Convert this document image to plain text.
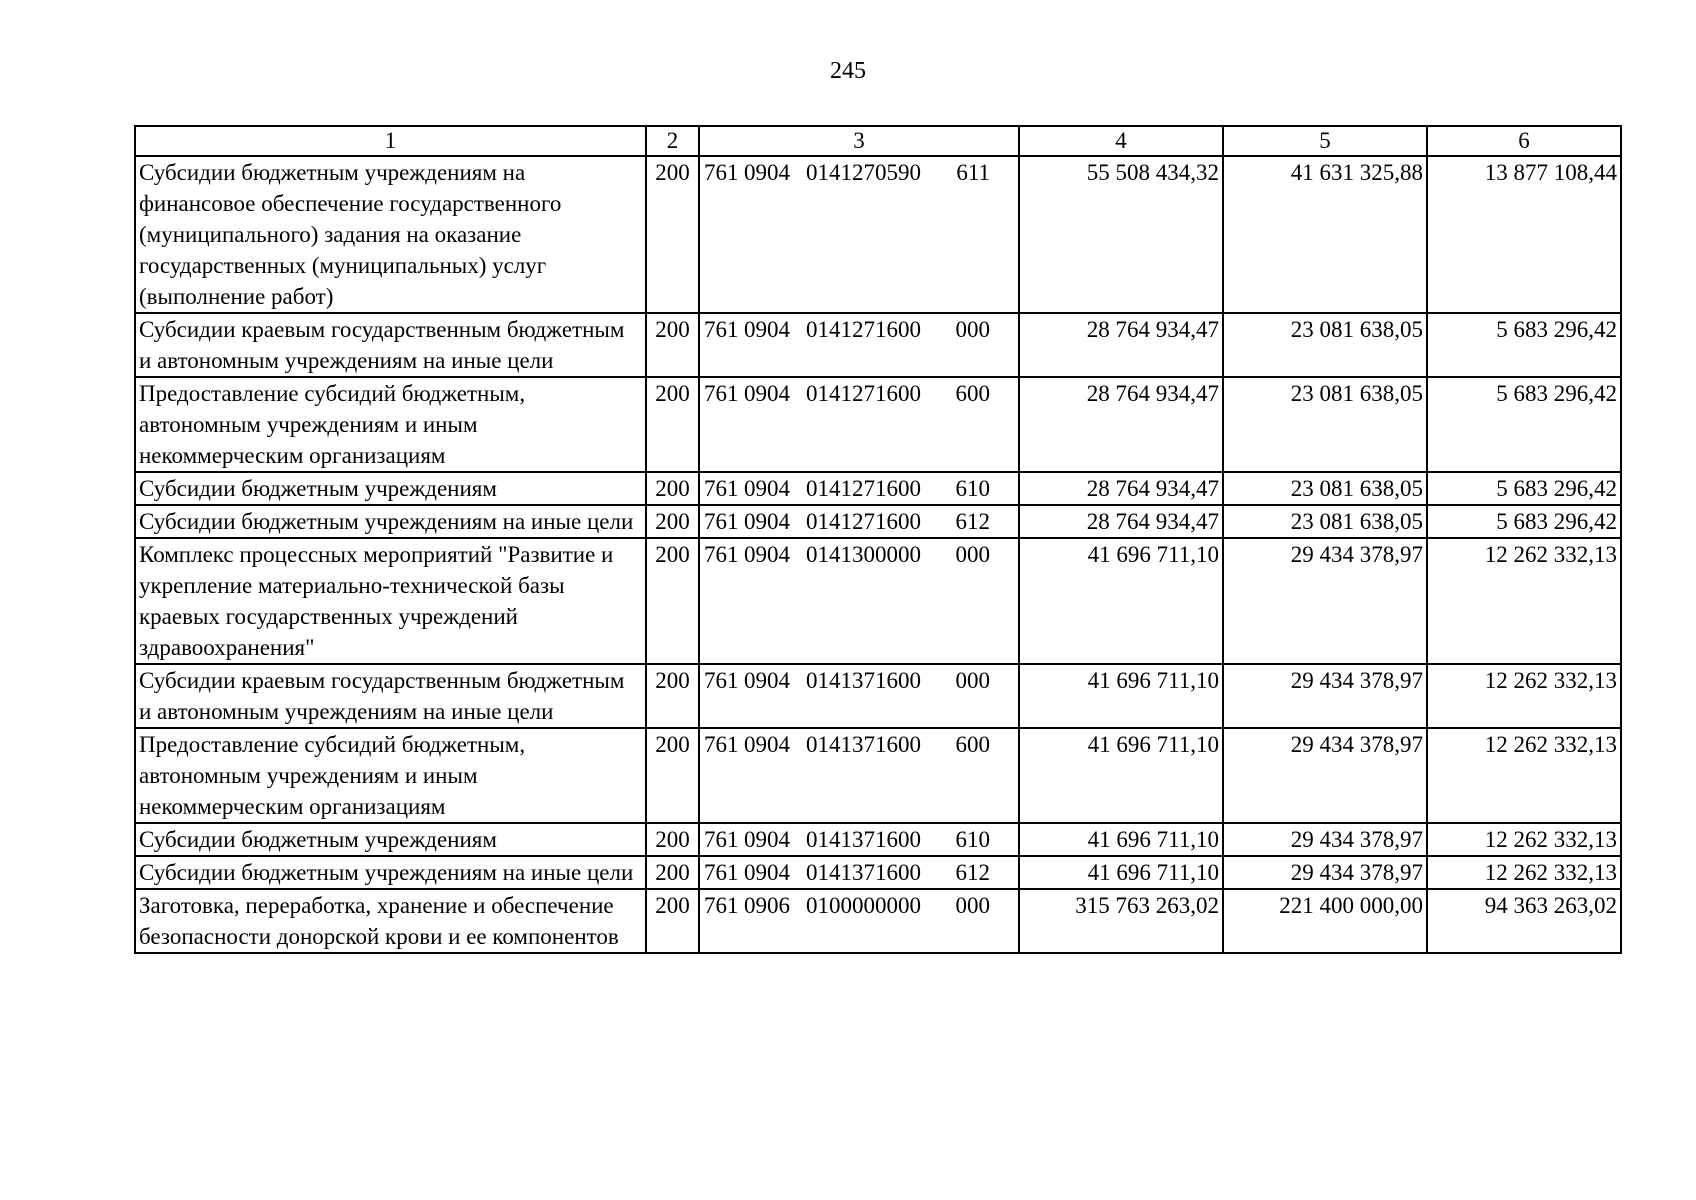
245
1	2	3	4	5	6
Субсидии бюджетным учреждениям на финансовое обеспечение государственного (муниципального) задания на оказание государственных (муниципальных) услуг (выполнение работ)	200	761 0904 0141270590 611	55 508 434,32	41 631 325,88	13 877 108,44
Субсидии краевым государственным бюджетным и автономным учреждениям на иные цели	200	761 0904 0141271600 000	28 764 934,47	23 081 638,05	5 683 296,42
Предоставление субсидий бюджетным, автономным учреждениям и иным некоммерческим организациям	200	761 0904 0141271600 600	28 764 934,47	23 081 638,05	5 683 296,42
Субсидии бюджетным учреждениям	200	761 0904 0141271600 610	28 764 934,47	23 081 638,05	5 683 296,42
Субсидии бюджетным учреждениям на иные цели	200	761 0904 0141271600 612	28 764 934,47	23 081 638,05	5 683 296,42
Комплекс процессных мероприятий "Развитие и укрепление материально-технической базы краевых государственных учреждений здравоохранения"	200	761 0904 0141300000 000	41 696 711,10	29 434 378,97	12 262 332,13
Субсидии краевым государственным бюджетным и автономным учреждениям на иные цели	200	761 0904 0141371600 000	41 696 711,10	29 434 378,97	12 262 332,13
Предоставление субсидий бюджетным, автономным учреждениям и иным некоммерческим организациям	200	761 0904 0141371600 600	41 696 711,10	29 434 378,97	12 262 332,13
Субсидии бюджетным учреждениям	200	761 0904 0141371600 610	41 696 711,10	29 434 378,97	12 262 332,13
Субсидии бюджетным учреждениям на иные цели	200	761 0904 0141371600 612	41 696 711,10	29 434 378,97	12 262 332,13
Заготовка, переработка, хранение и обеспечение безопасности донорской крови и ее компонентов	200	761 0906 0100000000 000	315 763 263,02	221 400 000,00	94 363 263,02
